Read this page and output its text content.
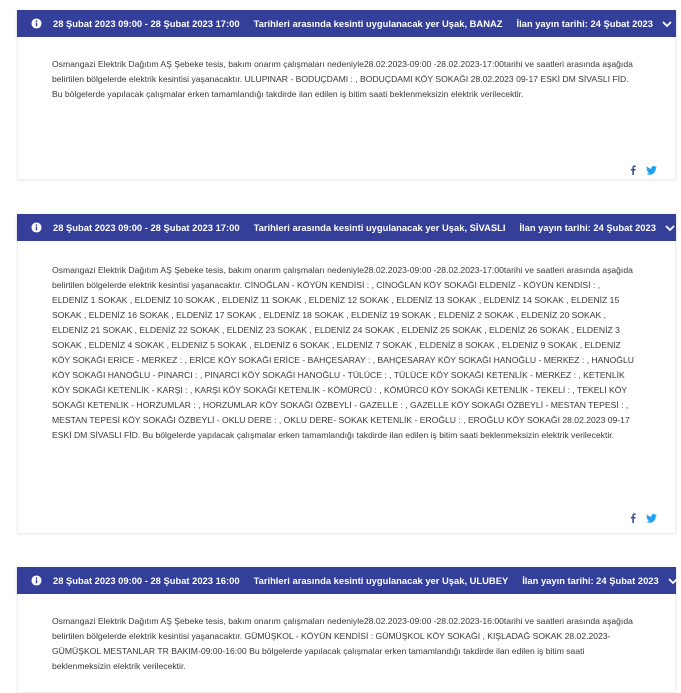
28 Şubat 2023 09:00 - 28 Şubat 2023 17:00 Tarihleri arasında kesinti uygulanacak yer Uşak, BANAZ İlan yayın tarihi: 24 Şubat 2023

Osmangazi Elektrik Dağıtım AŞ Şebeke tesis, bakım onarım çalışmaları nedeniyle28.02.2023-09:00 -28.02.2023-17:00tarihi ve saatleri arasında aşağıda belirtilen bölgelerde elektrik kesintisi yaşanacaktır. ULUPINAR - BODUÇDAMI : , BODUÇDAMI KÖY SOKAĞI 28.02.2023 09-17 ESKİ DM SİVASLI FİD. Bu bölgelerde yapılacak çalışmalar erken tamamlandığı takdirde ilan edilen iş bitim saati beklenmeksizin elektrik verilecektir.

28 Şubat 2023 09:00 - 28 Şubat 2023 17:00 Tarihleri arasında kesinti uygulanacak yer Uşak, SİVASLI İlan yayın tarihi: 24 Şubat 2023

Osmangazi Elektrik Dağıtım AŞ Şebeke tesis, bakım onarım çalışmaları nedeniyle28.02.2023-09:00 -28.02.2023-17:00tarihi ve saatleri arasında aşağıda belirtilen bölgelerde elektrik kesintisi yaşanacaktır. CİNOĞLAN - KÖYÜN KENDİSİ : , CİNOĞLAN KÖY SOKAĞI ELDENİZ - KÖYÜN KENDİSİ : , ELDENİZ 1 SOKAK , ELDENİZ 10 SOKAK , ELDENİZ 11 SOKAK , ELDENİZ 12 SOKAK , ELDENİZ 13 SOKAK , ELDENİZ 14 SOKAK , ELDENİZ 15 SOKAK , ELDENİZ 16 SOKAK , ELDENİZ 17 SOKAK , ELDENİZ 18 SOKAK , ELDENİZ 19 SOKAK , ELDENİZ 2 SOKAK , ELDENİZ 20 SOKAK , ELDENİZ 21 SOKAK , ELDENİZ 22 SOKAK , ELDENİZ 23 SOKAK , ELDENİZ 24 SOKAK , ELDENİZ 25 SOKAK , ELDENİZ 26 SOKAK , ELDENİZ 3 SOKAK , ELDENİZ 4 SOKAK , ELDENİZ 5 SOKAK , ELDENİZ 6 SOKAK , ELDENİZ 7 SOKAK , ELDENİZ 8 SOKAK , ELDENİZ 9 SOKAK , ELDENİZ KÖY SOKAĞI ERİCE - MERKEZ : , ERİCE KÖY SOKAĞI ERİCE - BAHÇESARAY : , BAHÇESARAY KÖY SOKAĞI HANOĞLU - MERKEZ : , HANOĞLU KÖY SOKAĞI HANOĞLU - PINARCI : , PINARCI KÖY SOKAĞI HANOĞLU - TÜLÜCE : , TÜLÜCE KÖY SOKAĞI KETENLİK - MERKEZ : , KETENLİK KÖY SOKAĞI KETENLİK - KARŞI : , KARŞI KÖY SOKAĞI KETENLİK - KÖMÜRCÜ : , KÖMÜRCÜ KÖY SOKAĞI KETENLİK - TEKELİ : , TEKELİ KÖY SOKAĞI KETENLİK - HORZUMLAR : , HORZUMLAR KÖY SOKAĞI ÖZBEYLİ - GAZELLE : , GAZELLE KÖY SOKAĞI ÖZBEYLİ - MESTAN TEPESİ : , MESTAN TEPESİ KÖY SOKAĞI ÖZBEYLİ - OKLU DERE : , OKLU DERE- SOKAK KETENLİK - EROĞLU : , EROĞLU KÖY SOKAĞI 28.02.2023 09-17 ESKİ DM SİVASLI FİD. Bu bölgelerde yapılacak çalışmalar erken tamamlandığı takdirde ilan edilen iş bitim saati beklenmeksizin elektrik verilecektir.

28 Şubat 2023 09:00 - 28 Şubat 2023 16:00 Tarihleri arasında kesinti uygulanacak yer Uşak, ULUBEY İlan yayın tarihi: 24 Şubat 2023

Osmangazi Elektrik Dağıtım AŞ Şebeke tesis, bakım onarım çalışmaları nedeniyle28.02.2023-09:00 -28.02.2023-16:00tarihi ve saatleri arasında aşağıda belirtilen bölgelerde elektrik kesintisi yaşanacaktır. GÜMÜŞKOL - KÖYÜN KENDİSİ : GÜMÜŞKOL KÖY SOKAĞI , KIŞLADAĞ SOKAK 28.02.2023-GÜMÜŞKOL MESTANLAR TR BAKIM-09:00-16:00 Bu bölgelerde yapılacak çalışmalar erken tamamlandığı takdirde ilan edilen iş bitim saati beklenmeksizin elektrik verilecektir.
